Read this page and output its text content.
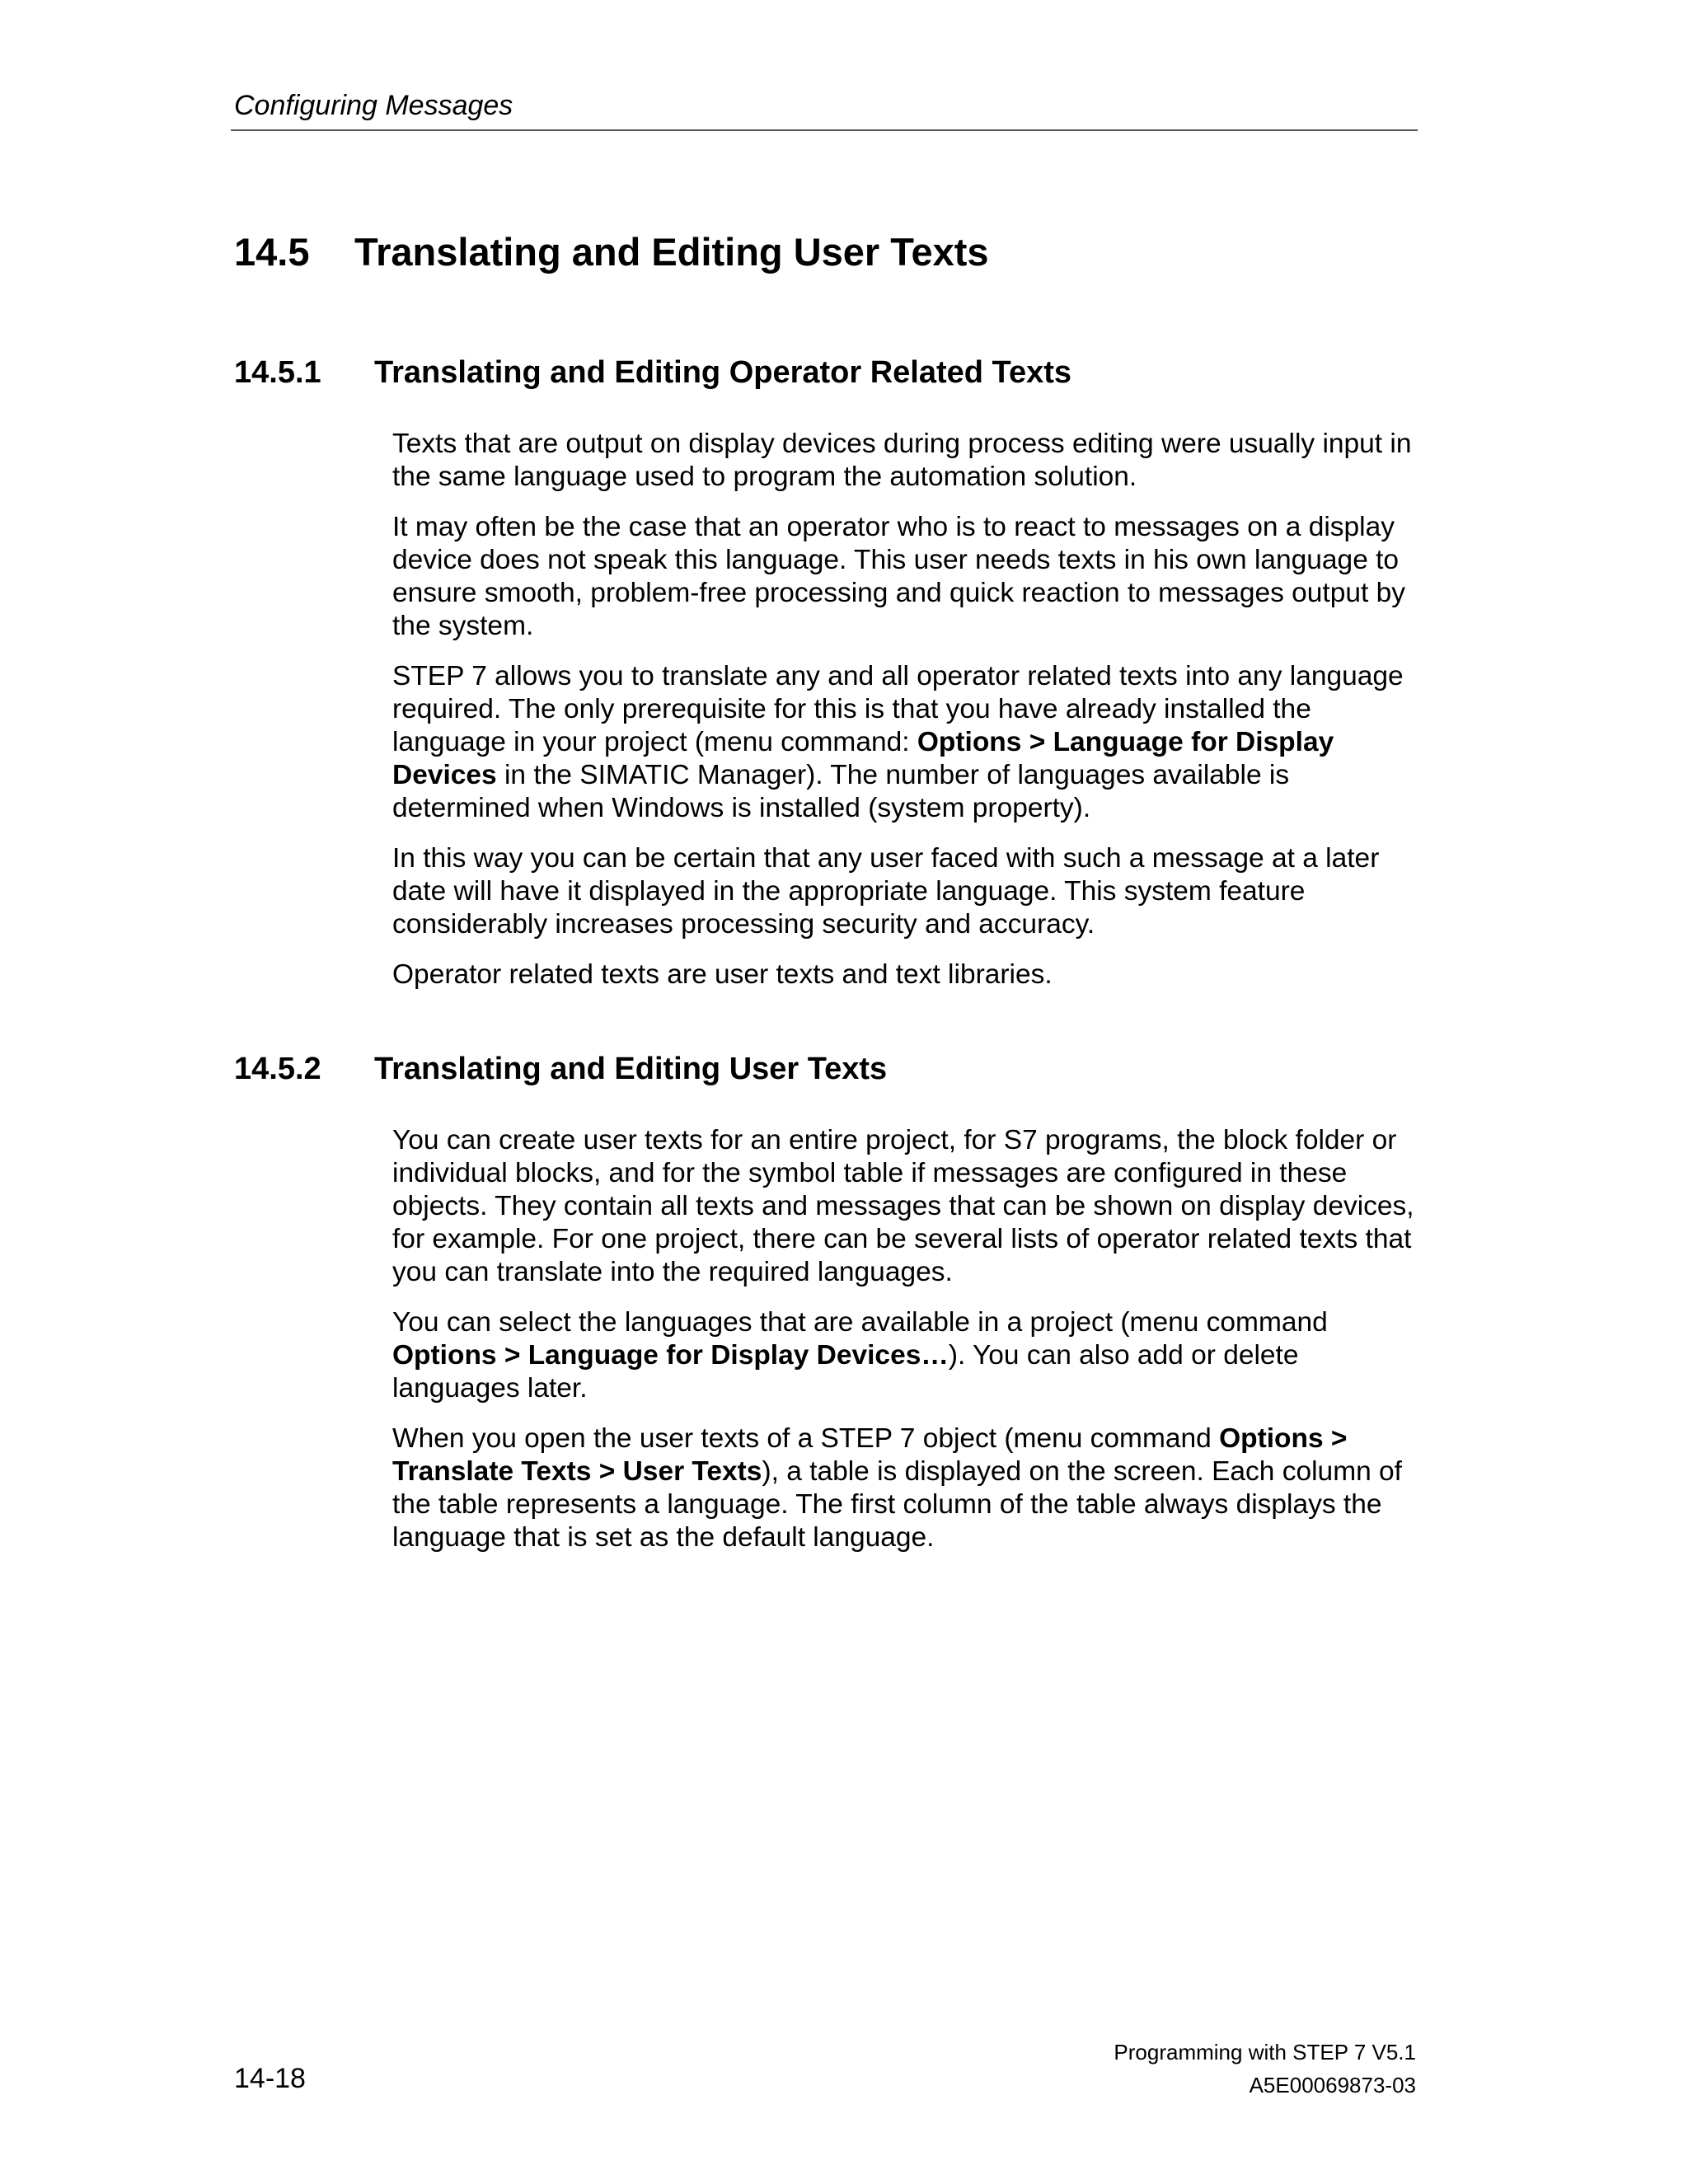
Configuring Messages
14.5 Translating and Editing User Texts
14.5.1 Translating and Editing Operator Related Texts

Texts that are output on display devices during process editing were usually input in the same language used to program the automation solution.

It may often be the case that an operator who is to react to messages on a display device does not speak this language. This user needs texts in his own language to ensure smooth, problem-free processing and quick reaction to messages output by the system.

STEP 7 allows you to translate any and all operator related texts into any language required. The only prerequisite for this is that you have already installed the language in your project (menu command: Options > Language for Display Devices in the SIMATIC Manager). The number of languages available is determined when Windows is installed (system property).

In this way you can be certain that any user faced with such a message at a later date will have it displayed in the appropriate language. This system feature considerably increases processing security and accuracy.

Operator related texts are user texts and text libraries.

14.5.2 Translating and Editing User Texts

You can create user texts for an entire project, for S7 programs, the block folder or individual blocks, and for the symbol table if messages are configured in these objects. They contain all texts and messages that can be shown on display devices, for example. For one project, there can be several lists of operator related texts that you can translate into the required languages.

You can select the languages that are available in a project (menu command Options > Language for Display Devices…). You can also add or delete languages later.

When you open the user texts of a STEP 7 object (menu command Options > Translate Texts > User Texts), a table is displayed on the screen. Each column of the table represents a language. The first column of the table always displays the language that is set as the default language.

14-18
Programming with STEP 7 V5.1
A5E00069873-03
